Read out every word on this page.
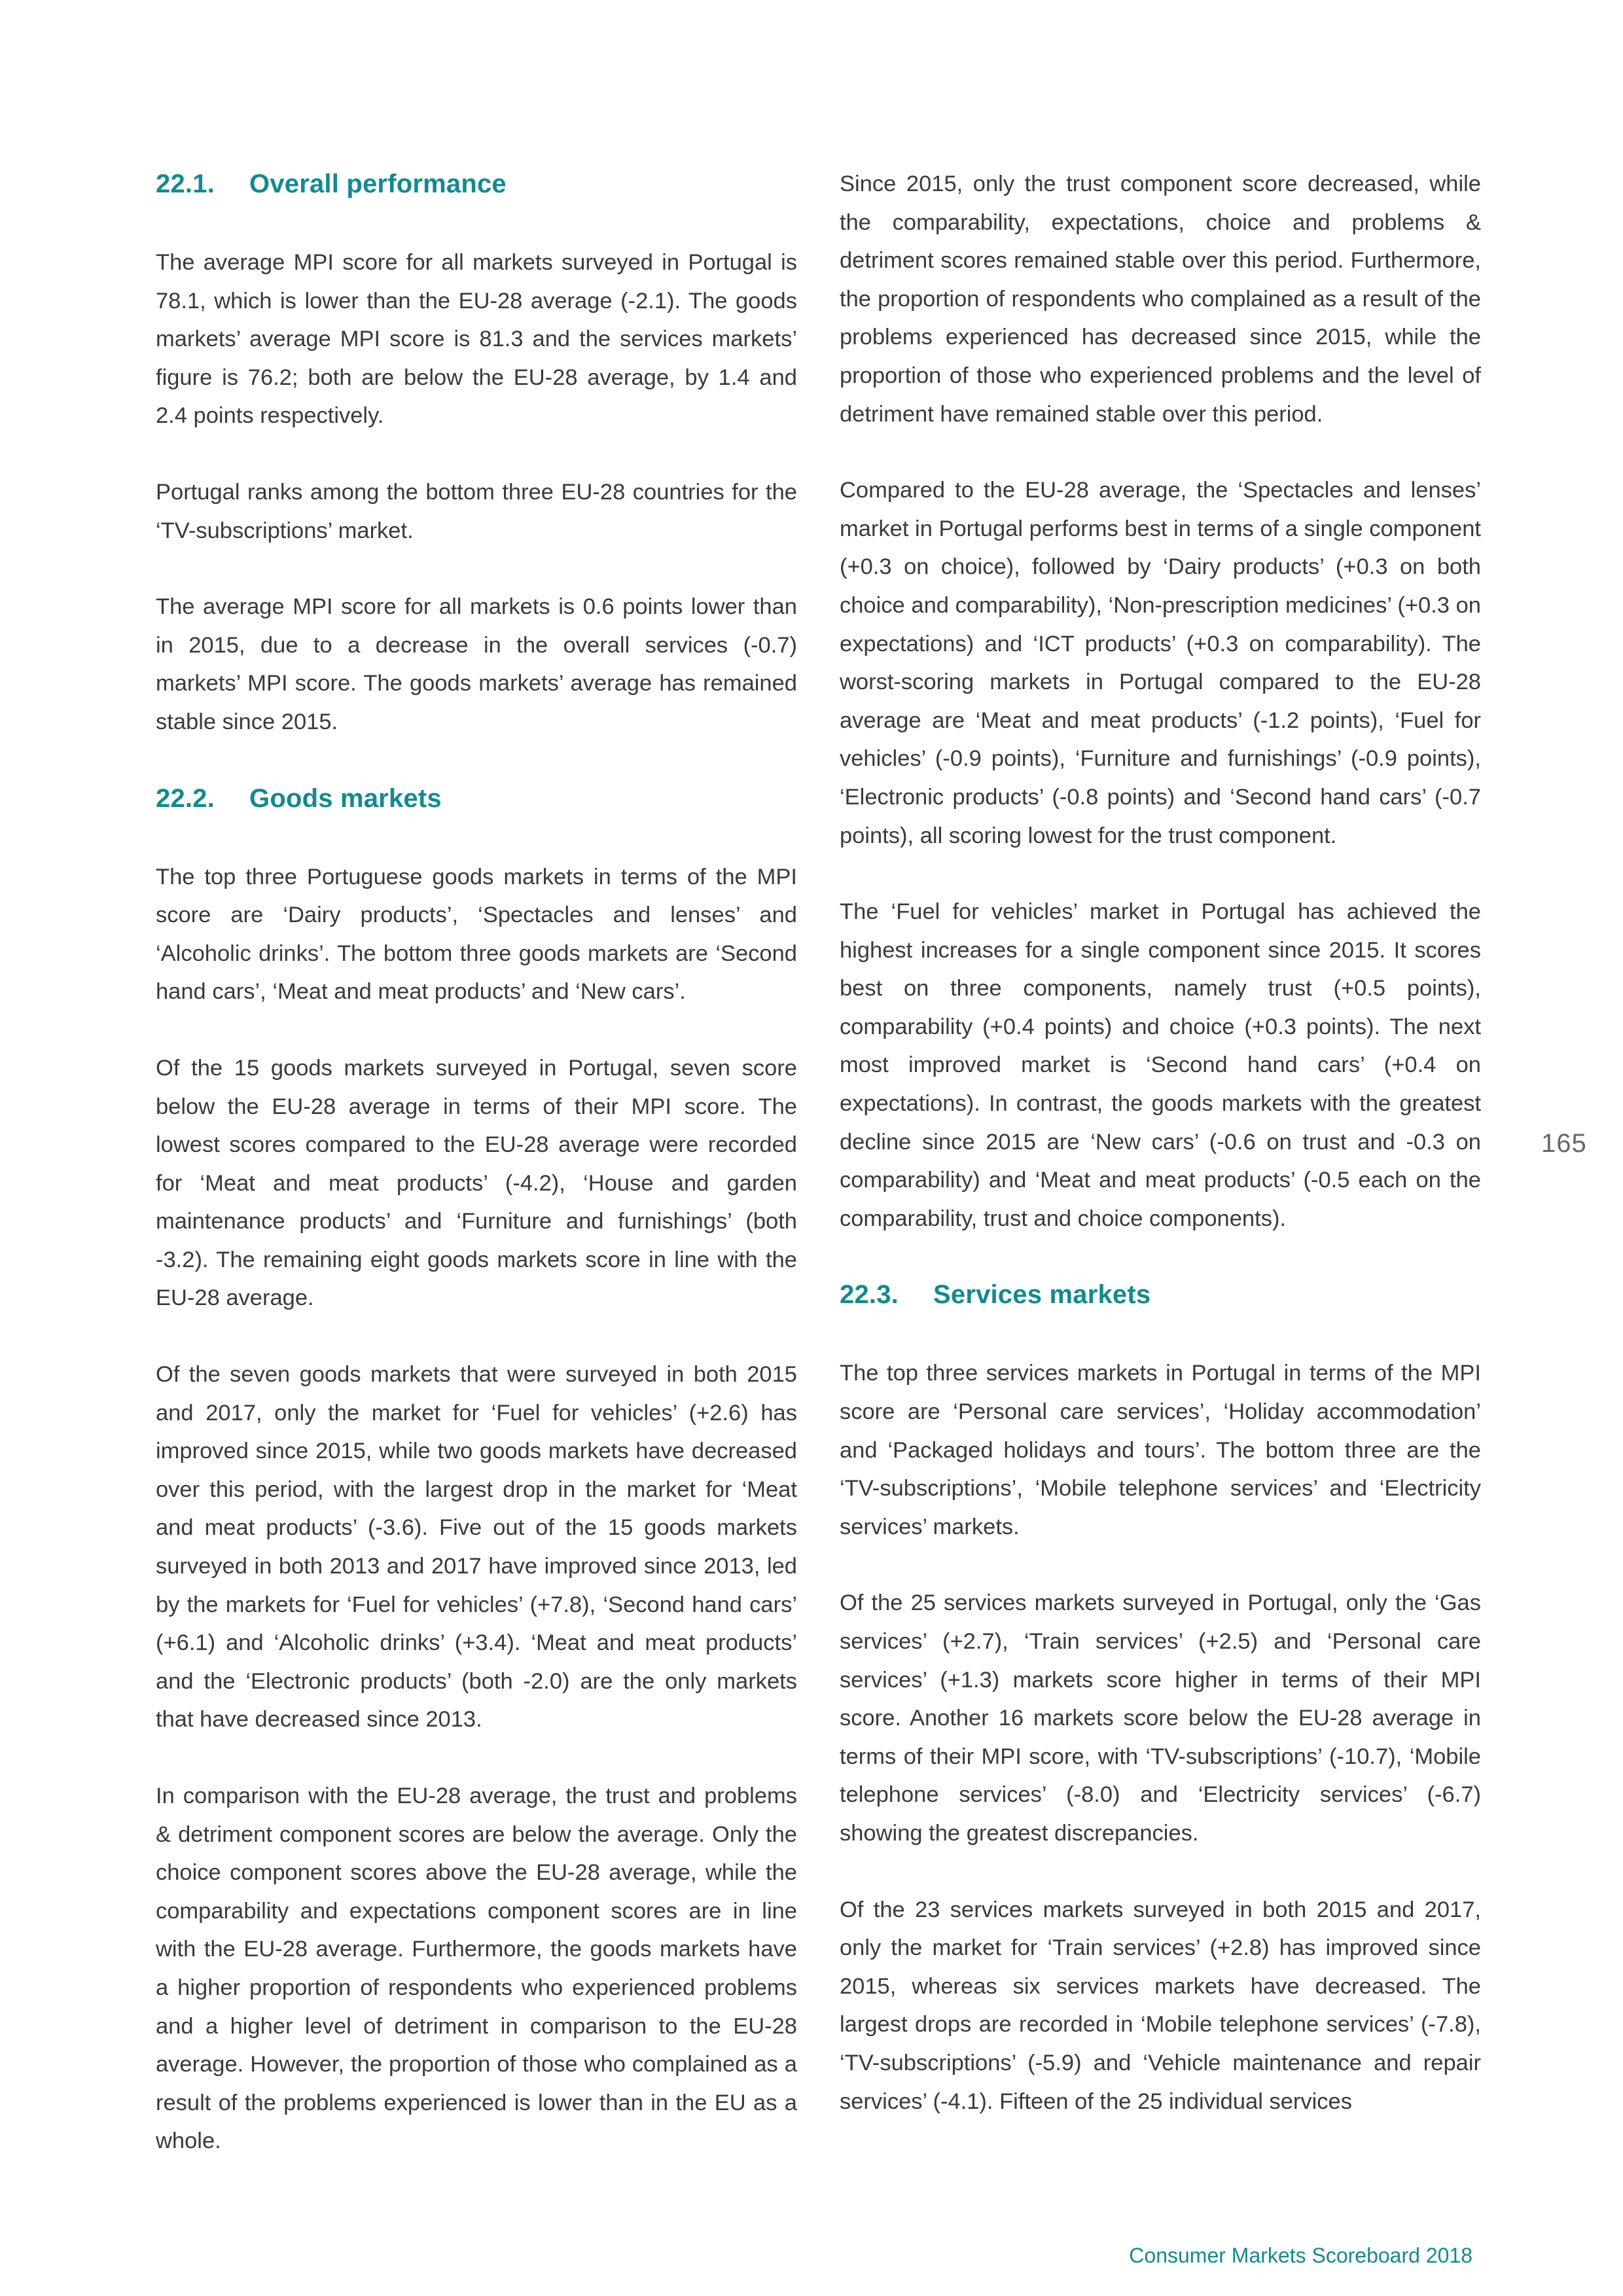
22.1. Overall performance

The average MPI score for all markets surveyed in Portugal is 78.1, which is lower than the EU-28 average (-2.1). The goods markets’ average MPI score is 81.3 and the services markets’ figure is 76.2; both are below the EU-28 average, by 1.4 and 2.4 points respectively.

Portugal ranks among the bottom three EU-28 countries for the ‘TV-subscriptions’ market.

The average MPI score for all markets is 0.6 points lower than in 2015, due to a decrease in the overall services (-0.7) markets’ MPI score. The goods markets’ average has remained stable since 2015.

22.2. Goods markets

The top three Portuguese goods markets in terms of the MPI score are ‘Dairy products’, ‘Spectacles and lenses’ and ‘Alcoholic drinks’. The bottom three goods markets are ‘Second hand cars’, ‘Meat and meat products’ and ‘New cars’.

Of the 15 goods markets surveyed in Portugal, seven score below the EU-28 average in terms of their MPI score. The lowest scores compared to the EU-28 average were recorded for ‘Meat and meat products’ (-4.2), ‘House and garden maintenance products’ and ‘Furniture and furnishings’ (both -3.2). The remaining eight goods markets score in line with the EU-28 average.

Of the seven goods markets that were surveyed in both 2015 and 2017, only the market for ‘Fuel for vehicles’ (+2.6) has improved since 2015, while two goods markets have decreased over this period, with the largest drop in the market for ‘Meat and meat products’ (-3.6). Five out of the 15 goods markets surveyed in both 2013 and 2017 have improved since 2013, led by the markets for ‘Fuel for vehicles’ (+7.8), ‘Second hand cars’ (+6.1) and ‘Alcoholic drinks’ (+3.4). ‘Meat and meat products’ and the ‘Electronic products’ (both -2.0) are the only markets that have decreased since 2013.

In comparison with the EU-28 average, the trust and problems & detriment component scores are below the average. Only the choice component scores above the EU-28 average, while the comparability and expectations component scores are in line with the EU-28 average. Furthermore, the goods markets have a higher proportion of respondents who experienced problems and a higher level of detriment in comparison to the EU-28 average. However, the proportion of those who complained as a result of the problems experienced is lower than in the EU as a whole.

Since 2015, only the trust component score decreased, while the comparability, expectations, choice and problems & detriment scores remained stable over this period. Furthermore, the proportion of respondents who complained as a result of the problems experienced has decreased since 2015, while the proportion of those who experienced problems and the level of detriment have remained stable over this period.

Compared to the EU-28 average, the ‘Spectacles and lenses’ market in Portugal performs best in terms of a single component (+0.3 on choice), followed by ‘Dairy products’ (+0.3 on both choice and comparability), ‘Non-prescription medicines’ (+0.3 on expectations) and ‘ICT products’ (+0.3 on comparability). The worst-scoring markets in Portugal compared to the EU-28 average are ‘Meat and meat products’ (-1.2 points), ‘Fuel for vehicles’ (-0.9 points), ‘Furniture and furnishings’ (-0.9 points), ‘Electronic products’ (-0.8 points) and ‘Second hand cars’ (-0.7 points), all scoring lowest for the trust component.

The ‘Fuel for vehicles’ market in Portugal has achieved the highest increases for a single component since 2015. It scores best on three components, namely trust (+0.5 points), comparability (+0.4 points) and choice (+0.3 points). The next most improved market is ‘Second hand cars’ (+0.4 on expectations). In contrast, the goods markets with the greatest decline since 2015 are ‘New cars’ (-0.6 on trust and -0.3 on comparability) and ‘Meat and meat products’ (-0.5 each on the comparability, trust and choice components).

22.3. Services markets

The top three services markets in Portugal in terms of the MPI score are ‘Personal care services’, ‘Holiday accommodation’ and ‘Packaged holidays and tours’. The bottom three are the ‘TV-subscriptions’, ‘Mobile telephone services’ and ‘Electricity services’ markets.

Of the 25 services markets surveyed in Portugal, only the ‘Gas services’ (+2.7), ‘Train services’ (+2.5) and ‘Personal care services’ (+1.3) markets score higher in terms of their MPI score. Another 16 markets score below the EU-28 average in terms of their MPI score, with ‘TV-subscriptions’ (-10.7), ‘Mobile telephone services’ (-8.0) and ‘Electricity services’ (-6.7) showing the greatest discrepancies.

Of the 23 services markets surveyed in both 2015 and 2017, only the market for ‘Train services’ (+2.8) has improved since 2015, whereas six services markets have decreased. The largest drops are recorded in ‘Mobile telephone services’ (-7.8), ‘TV-subscriptions’ (-5.9) and ‘Vehicle maintenance and repair services’ (-4.1). Fifteen of the 25 individual services

165
Consumer Markets Scoreboard 2018
